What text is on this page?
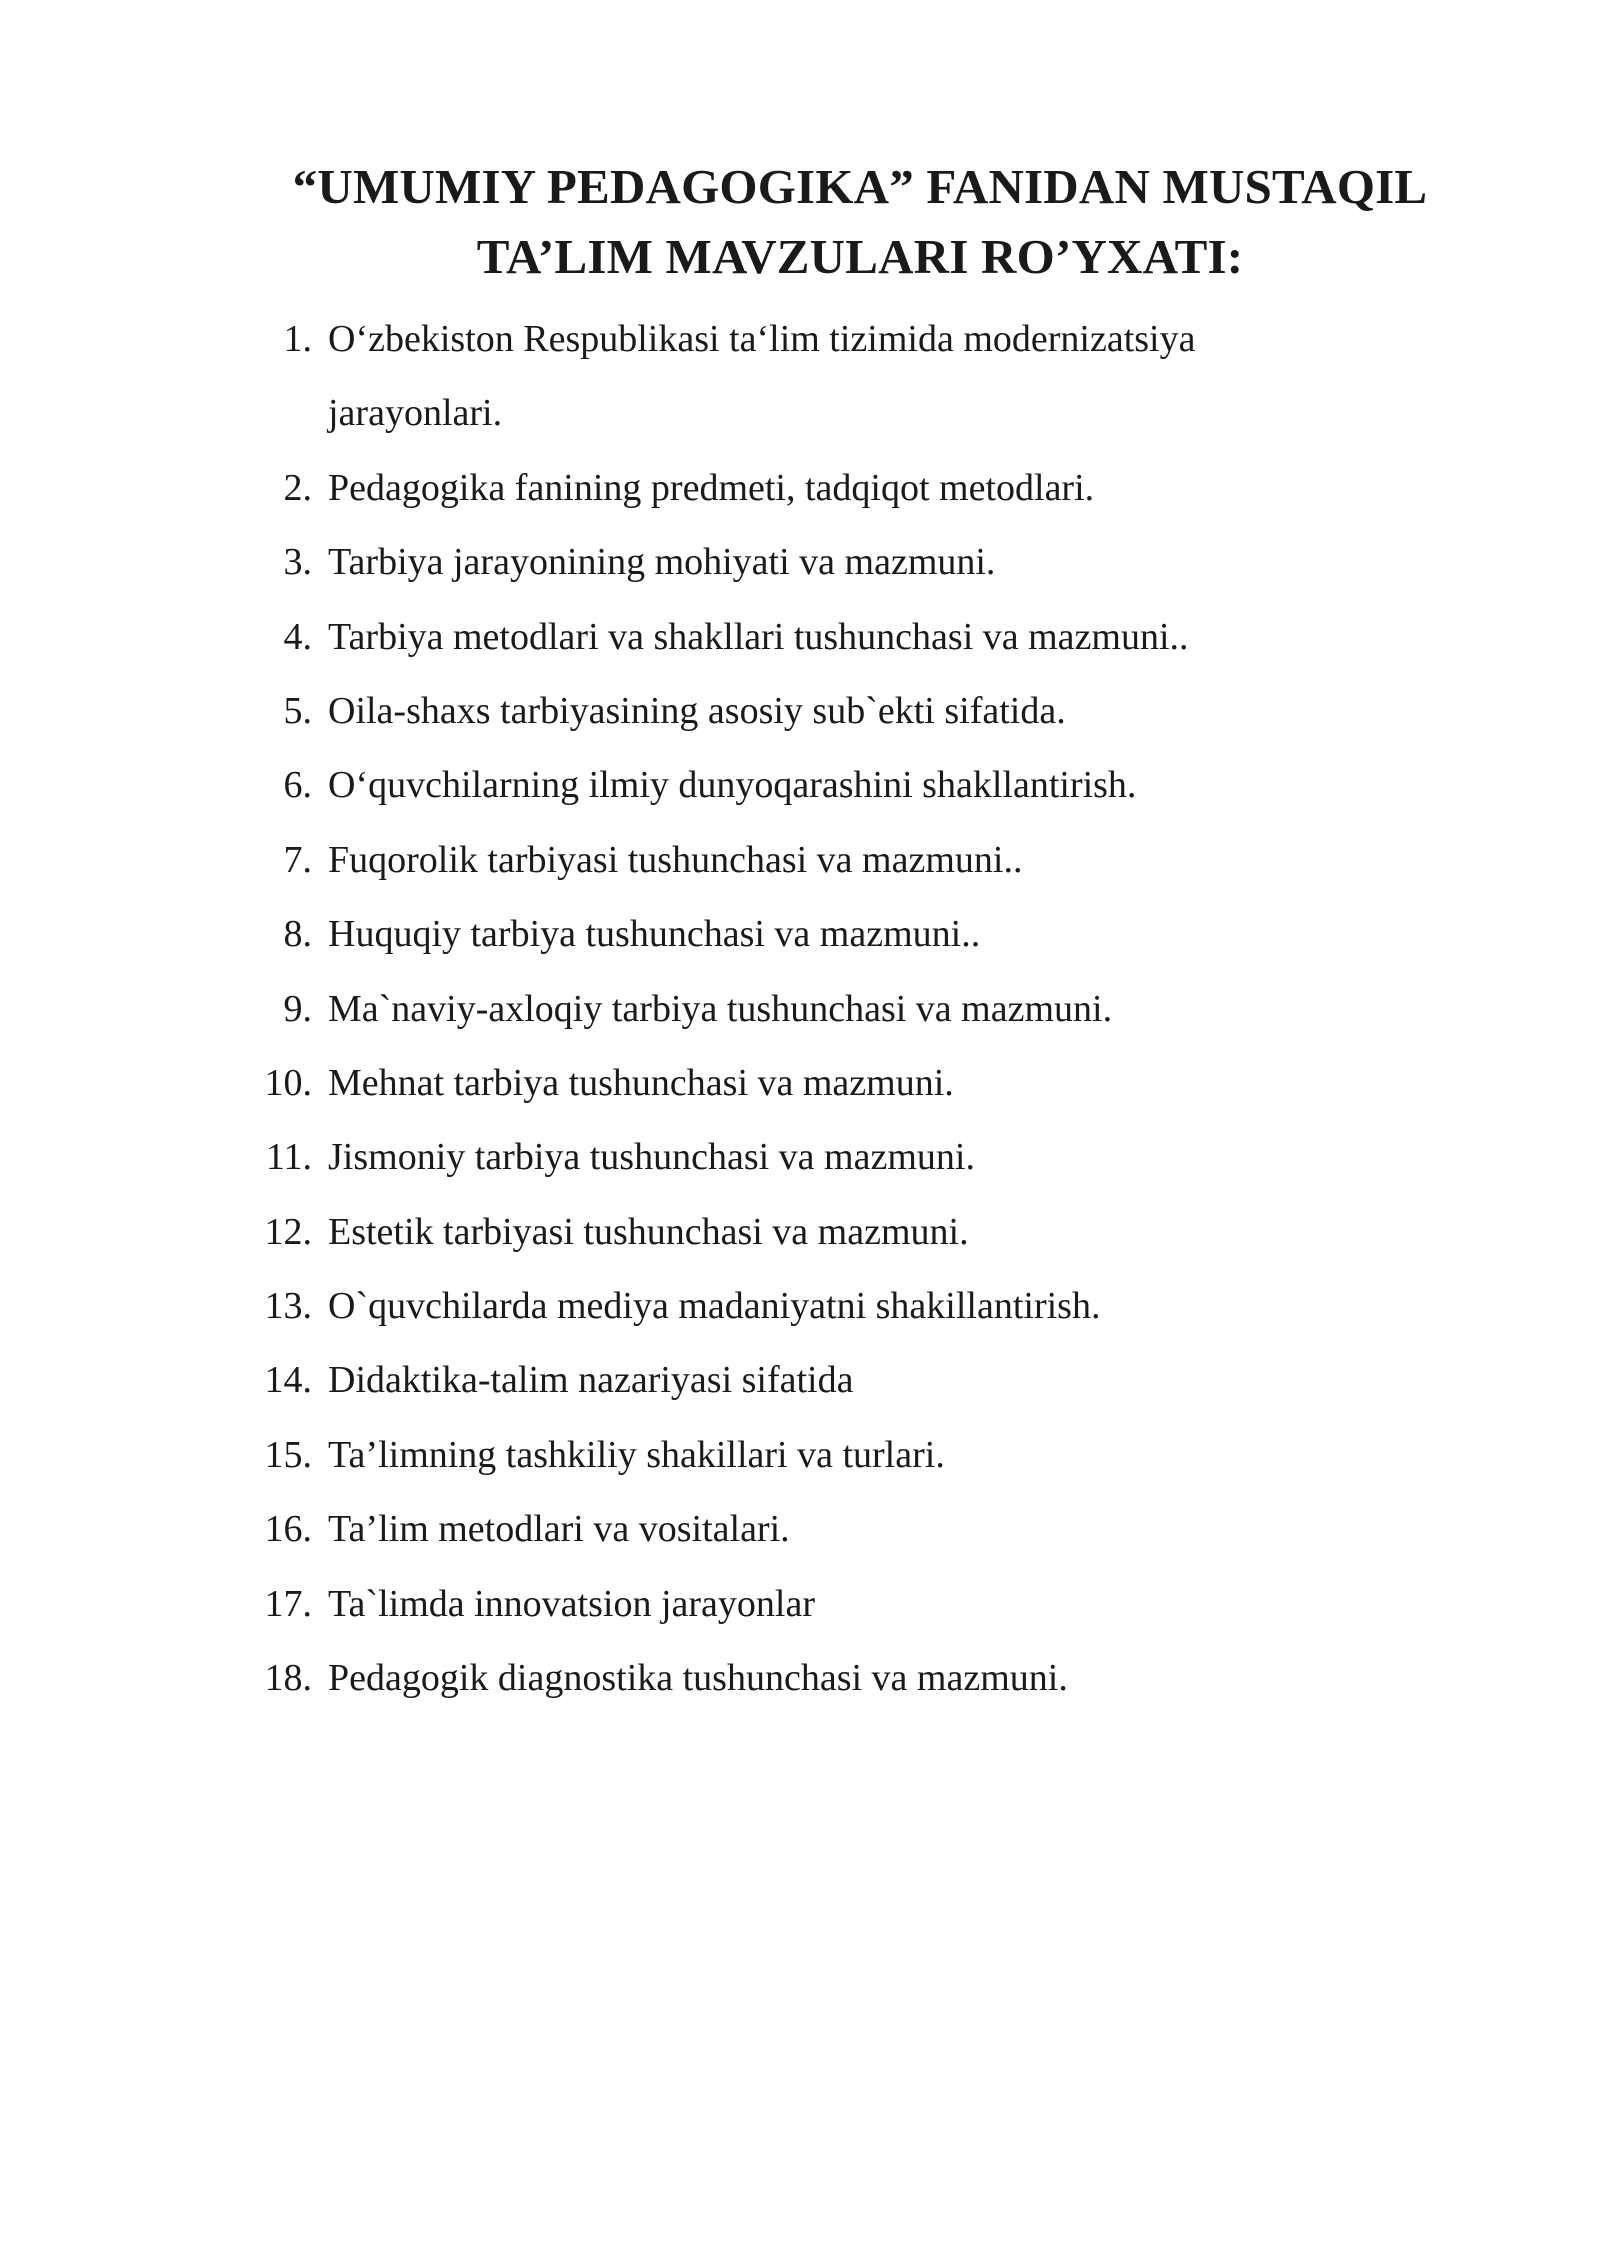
“UMUMIY PEDAGOGIKA” FANIDAN MUSTAQIL
TA’LIM MAVZULARI RO’YXATI:
1. O‘zbekiston Respublikasi ta‘lim tizimida modernizatsiya jarayonlari.
2. Pedagogika fanining predmeti, tadqiqot metodlari.
3. Tarbiya jarayonining mohiyati va mazmuni.
4. Tarbiya metodlari va shakllari tushunchasi va mazmuni..
5. Oila-shaxs tarbiyasining asosiy sub`ekti sifatida.
6. O‘quvchilarning ilmiy dunyoqarashini shakllantirish.
7. Fuqorolik tarbiyasi tushunchasi va mazmuni..
8. Huquqiy tarbiya tushunchasi va mazmuni..
9. Ma`naviy-axloqiy tarbiya tushunchasi va mazmuni.
10. Mehnat tarbiya tushunchasi va mazmuni.
11. Jismoniy tarbiya tushunchasi va mazmuni.
12. Estetik tarbiyasi tushunchasi va mazmuni.
13. O`quvchilarda mediya madaniyatni shakillantirish.
14. Didaktika-talim nazariyasi sifatida
15. Ta’limning tashkiliy shakillari va turlari.
16. Ta’lim metodlari va vositalari.
17. Ta`limda innovatsion jarayonlar
18. Pedagogik diagnostika tushunchasi va mazmuni.
